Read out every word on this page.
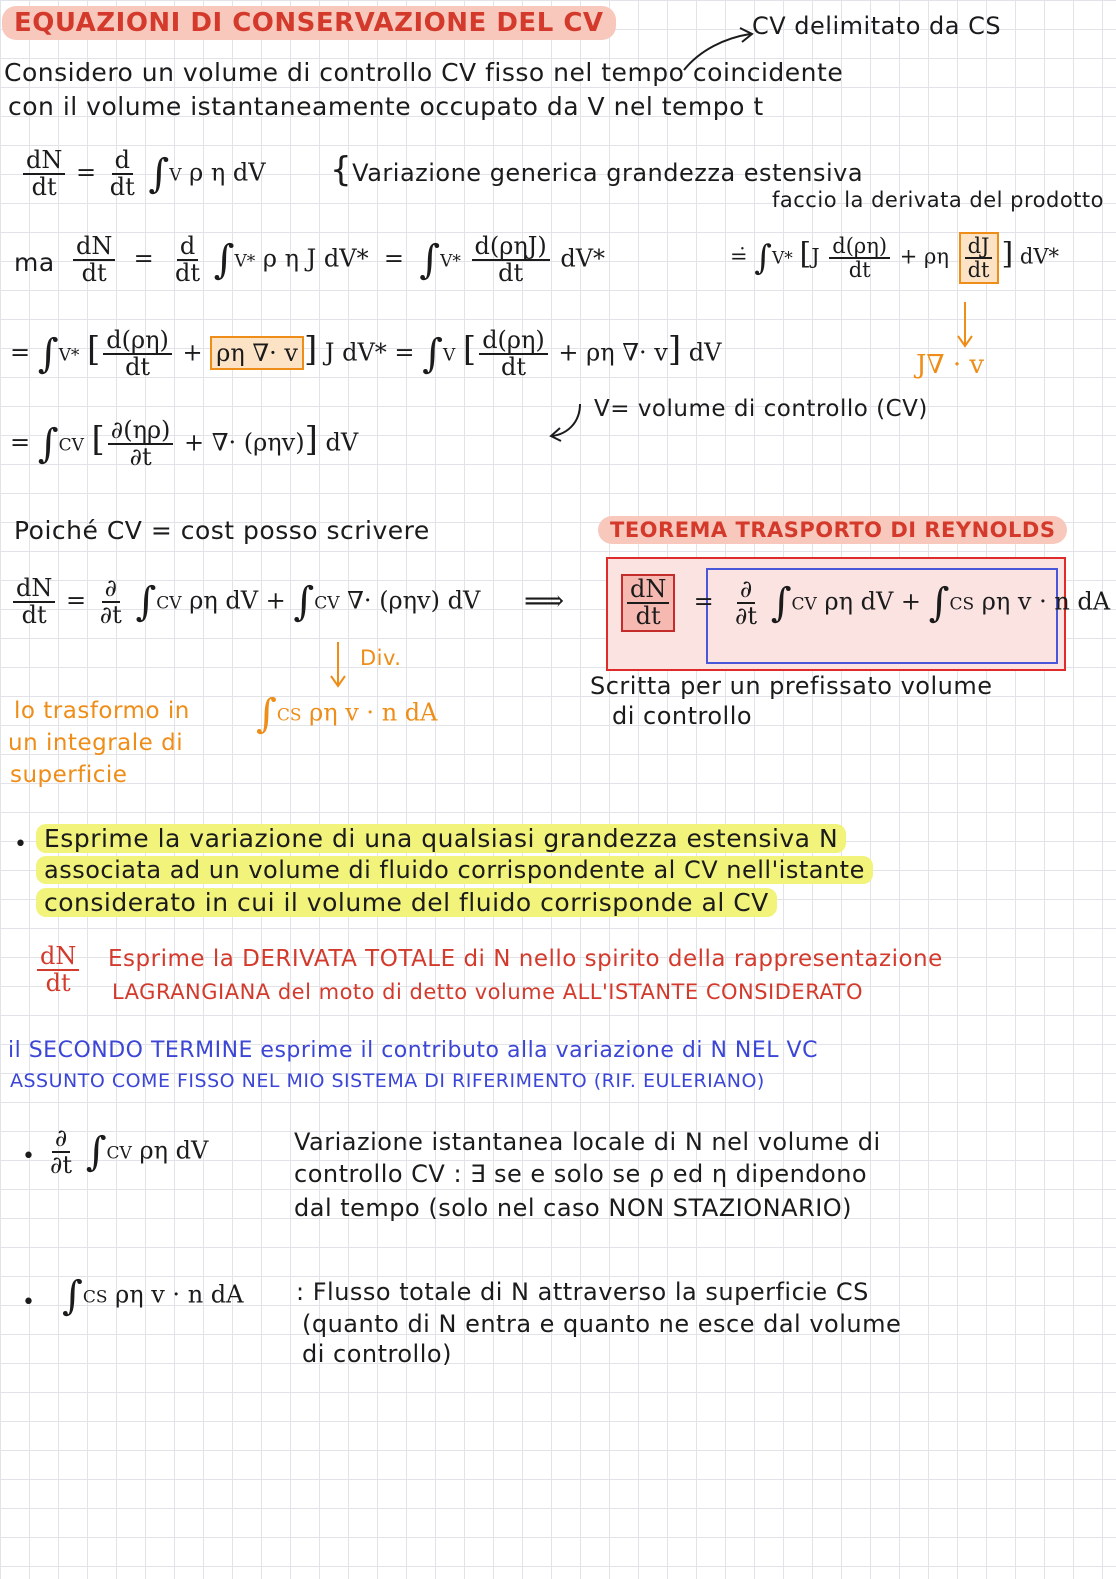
EQUAZIONI DI CONSERVAZIONE DEL CV	CV delimitato da CS
Considero un volume di controllo CV fisso nel tempo coincidente
con il volume istantaneamente occupato da V nel tempo t
$\frac{dN}{dt} = \frac{d}{dt} \int V$ ρ η dV {Variazione generica grandezza estensiva
ma $\frac{dN}{dt} = \frac{d}{dt} \int V*$ ρ η J $dV* = \int V* \frac{\text{d(ρηJ)}}{dt} dV*$
faccio la derivata del prodotto
=̇ ∫V* [$J \frac{d(\rho\eta)}{dt} + \rho\eta \frac{dJ}{dt}$ ] dV*
J∇ · v
= ∫V* [ $\frac{d(\rho\eta)}{dt} + \rho\eta$ ∇· v ] J dV* = ∫V [ $\frac{d(\rho\eta)}{dt} + \rho\eta$ ∇· v] dV
V= volume di controllo (CV)
= ∫CV [ $\frac{\partial(\eta\rho)}{\partial t}$ + ∇· (ρηv)] dV
Poiché CV = cost posso scrivere	TEOREMA TRASPORTO DI REYNOLDS
$\frac{dN}{dt} = \frac{\partial}{\partial t} \int CV$ ρη dV + ∫CV ∇· (ρηv) dV ⟹ $\frac{dN}{dt} = \frac{\partial}{\partial t} \int CV$ ρη dV + ∫CS ρη v · n dA
Scritta per un prefissato volume
di controllo
Div.
lo trasformo in
un integrale di
superficie
∫CS ρη v · n dA
• Esprime la variazione di una qualsiasi grandezza estensiva N
associata ad un volume di fluido corrispondente al CV nell'istante
considerato in cui il volume del fluido corrisponde al CV
$\frac{dN}{dt}$ Esprime la DERIVATA TOTALE di N nello spirito della rappresentazione
LAGRANGIANA del moto di detto volume ALL'ISTANTE CONSIDERATO
il SECONDO TERMINE esprime il contributo alla variazione di N NEL VC
ASSUNTO COME FISSO NEL MIO SISTEMA DI RIFERIMENTO (RIF. EULERIANO)
• $\frac{\partial}{\partial t} \int CV$ ρη dV	Variazione istantanea locale di N nel volume di
controllo CV : ∃ se e solo se ρ ed η dipendono
dal tempo (solo nel caso NON STAZIONARIO)
• ∫CS ρη v · n dA : Flusso totale di N attraverso la superficie CS
(quanto di N entra e quanto ne esce dal volume
di controllo)
